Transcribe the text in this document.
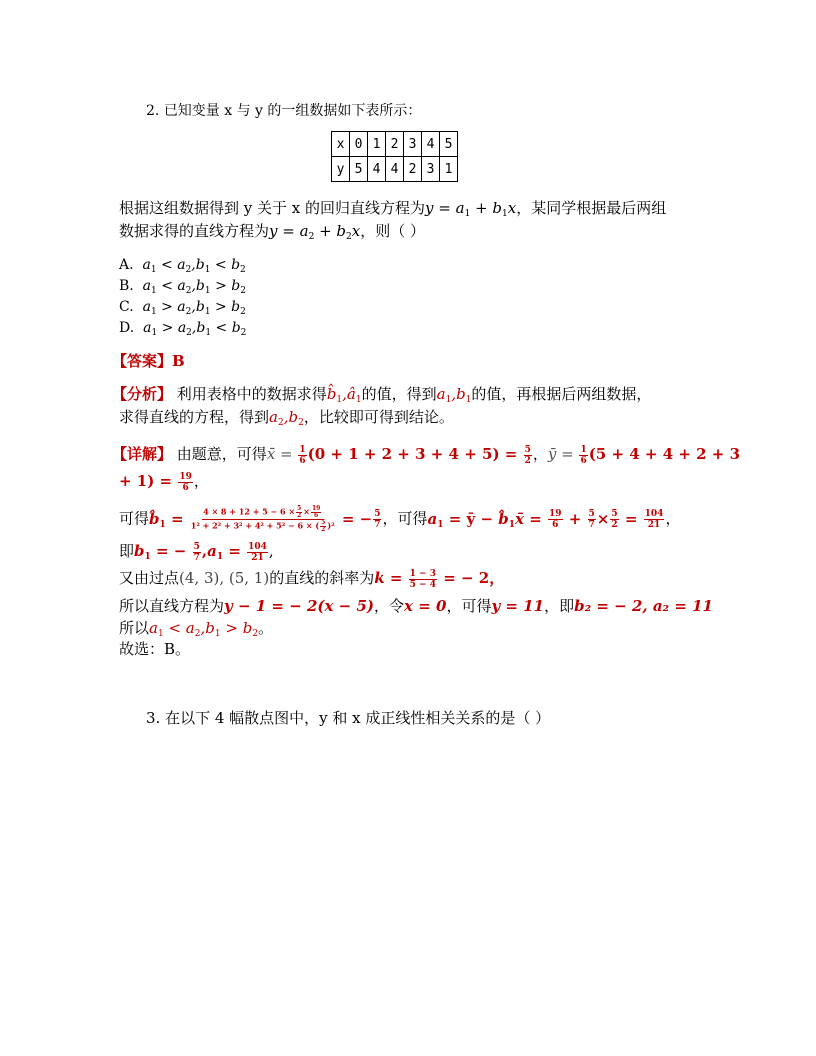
2. 已知变量 x 与 y 的一组数据如下表所示：
x	0	1	2	3	4	5
y	5	4	4	2	3	1
根据这组数据得到 y 关于 x 的回归直线方程为$y = a_1 + b_1x$，某同学根据最后两组
数据求得的直线方程为$y = a_2 + b_2x$，则（ ）
A. $a_1 < a_2,b_1 < b_2$
B. $a_1 < a_2,b_1 > b_2$
C. $a_1 > a_2,b_1 > b_2$
D. $a_1 > a_2,b_1 < b_2$
【答案】B
【分析】 利用表格中的数据求得$b̂_1,â_1$的值，得到$a_1,b_1$的值，再根据后两组数据，
求得直线的方程，得到$a_2,b_2$，比较即可得到结论。
【详解】 由题意，可得x̄ = $\frac{1}{6} (0 + 1 + 2 + 3 + 4 + 5) = \frac{5}{2}$ ，ȳ = $\frac{1}{6} (5 + 4 + 4 + 2 + 3$
+ $1) = \frac{19}{6}$ ，
可得$b̂_1 = \frac{4 \times 8 + 12 + 5 - 6 \times \frac{5}{2} \times \frac{19}{6}}{1^2 + 2^2 + 3^2 + 4^2 + 5^2 - 6 \times ( \frac{5}{2} )^2}$ = − $\frac{5}{7}$ ，可得$a_1$ = ȳ − $b̂_1x̄ = \frac{19}{6} + \frac{5}{7} \times \frac{5}{2} = \frac{104}{21}$ ，
即$b_1$ = − $\frac{5}{7} ,a_1 = \frac{104}{21}$ ,
又由过点(4, 3), (5, 1)的直线的斜率为$k = \frac{1 - 3}{5 - 4}$ = − 2，
所以直线方程为y − 1 = − 2(x − 5)，令x = 0，可得y = 11，即b₂ = − 2, a₂ = 11
所以$a_1 < a_2,b_1 > b_2$。
故选：B。
3. 在以下 4 幅散点图中，y 和 x 成正线性相关关系的是（ ）
